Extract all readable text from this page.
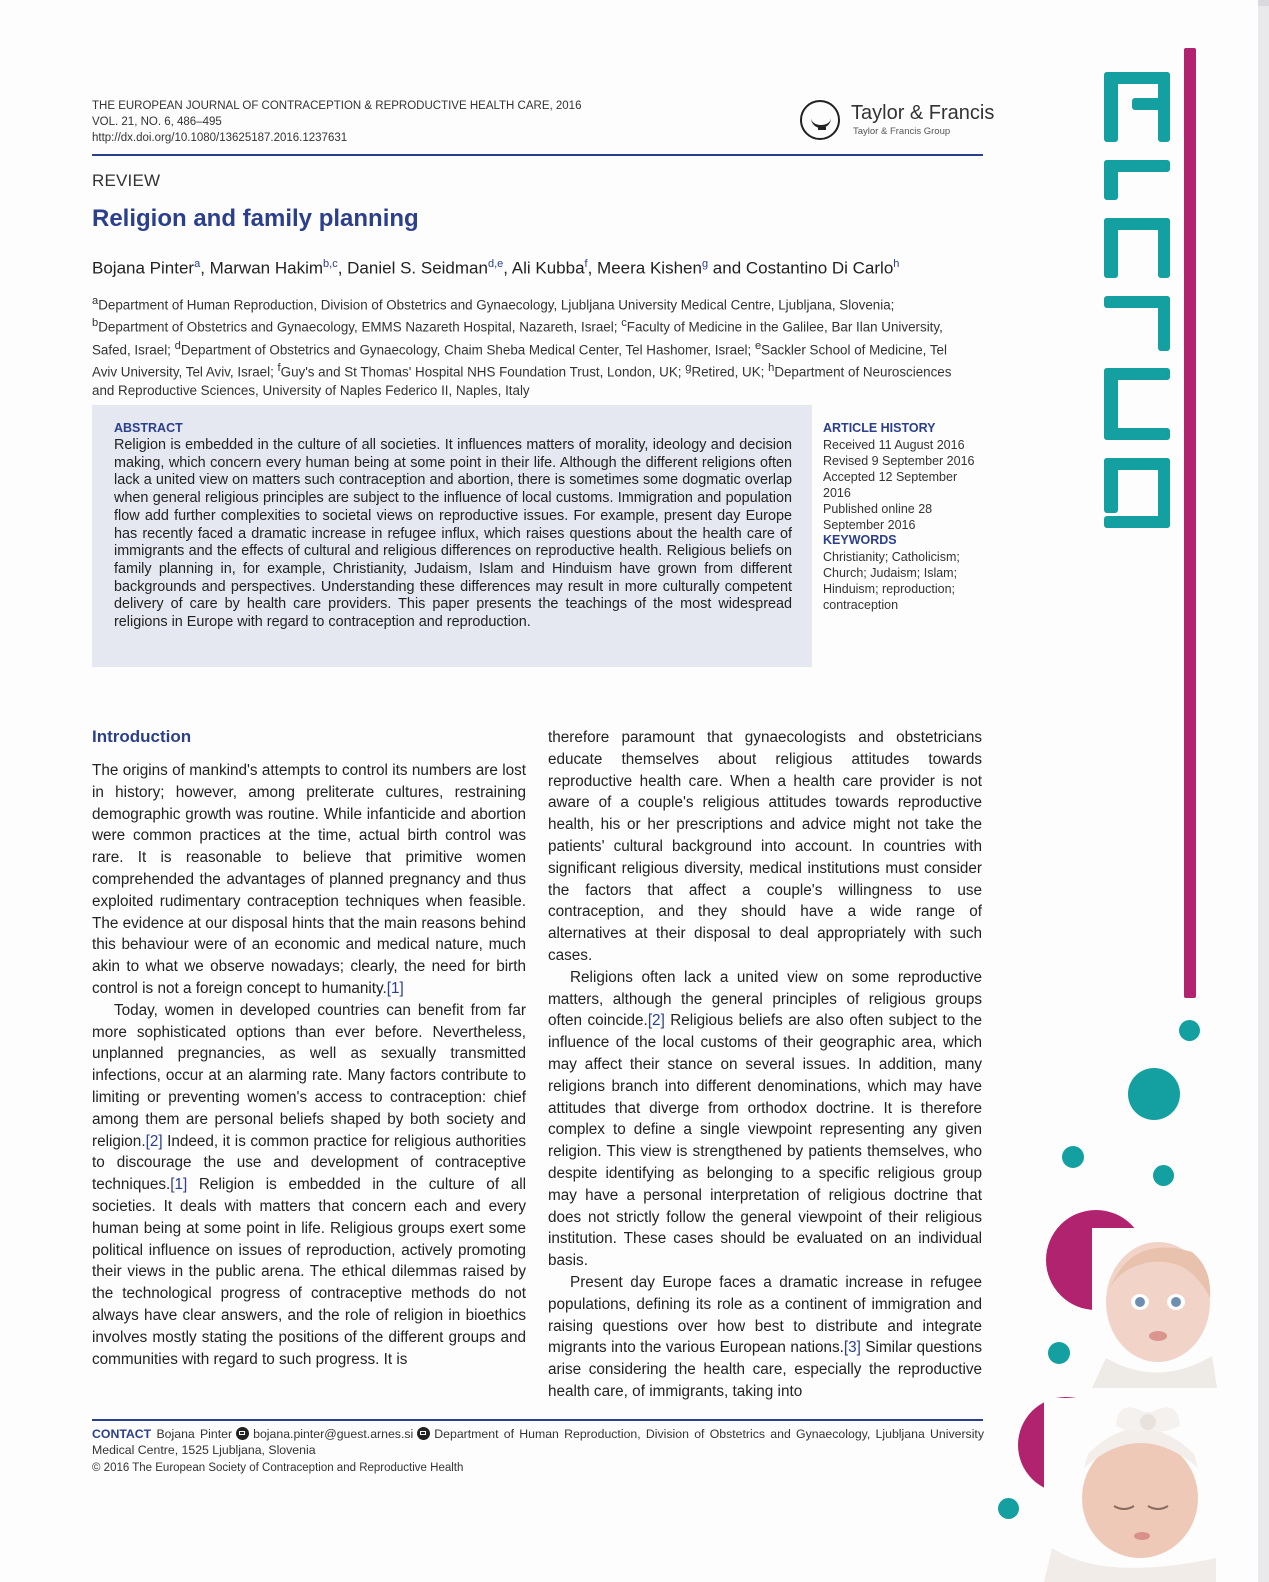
THE EUROPEAN JOURNAL OF CONTRACEPTION & REPRODUCTIVE HEALTH CARE, 2016
VOL. 21, NO. 6, 486–495
http://dx.doi.org/10.1080/13625187.2016.1237631
Taylor & Francis
Taylor & Francis Group
REVIEW
Religion and family planning
Bojana Pinter$^a$, Marwan Hakim$^{b,c}$, Daniel S. Seidman$^{d,e}$, Ali Kubba$^f$, Meera Kishen$^g$ and Costantino Di Carlo$^h$
$^a$Department of Human Reproduction, Division of Obstetrics and Gynaecology, Ljubljana University Medical Centre, Ljubljana, Slovenia; $^b$Department of Obstetrics and Gynaecology, EMMS Nazareth Hospital, Nazareth, Israel; $^c$Faculty of Medicine in the Galilee, Bar Ilan University, Safed, Israel; $^d$Department of Obstetrics and Gynaecology, Chaim Sheba Medical Center, Tel Hashomer, Israel; $^e$Sackler School of Medicine, Tel Aviv University, Tel Aviv, Israel; $^f$Guy's and St Thomas' Hospital NHS Foundation Trust, London, UK; $^g$Retired, UK; $^h$Department of Neurosciences and Reproductive Sciences, University of Naples Federico II, Naples, Italy
ABSTRACT
Religion is embedded in the culture of all societies. It influences matters of morality, ideology and decision making, which concern every human being at some point in their life. Although the different religions often lack a united view on matters such contraception and abortion, there is sometimes some dogmatic overlap when general religious principles are subject to the influence of local customs. Immigration and population flow add further complexities to societal views on reproductive issues. For example, present day Europe has recently faced a dramatic increase in refugee influx, which raises questions about the health care of immigrants and the effects of cultural and religious differences on reproductive health. Religious beliefs on family planning in, for example, Christianity, Judaism, Islam and Hinduism have grown from different backgrounds and perspectives. Understanding these differences may result in more culturally competent delivery of care by health care providers. This paper presents the teachings of the most widespread religions in Europe with regard to contraception and reproduction.
ARTICLE HISTORY
Received 11 August 2016
Revised 9 September 2016
Accepted 12 September 2016
Published online 28 September 2016
KEYWORDS
Christianity; Catholicism; Church; Judaism; Islam; Hinduism; reproduction; contraception
Introduction

The origins of mankind's attempts to control its numbers are lost in history; however, among preliterate cultures, restraining demographic growth was routine. While infanticide and abortion were common practices at the time, actual birth control was rare. It is reasonable to believe that primitive women comprehended the advantages of planned pregnancy and thus exploited rudimentary contraception techniques when feasible. The evidence at our disposal hints that the main reasons behind this behaviour were of an economic and medical nature, much akin to what we observe nowadays; clearly, the need for birth control is not a foreign concept to humanity.[1]

Today, women in developed countries can benefit from far more sophisticated options than ever before. Nevertheless, unplanned pregnancies, as well as sexually transmitted infections, occur at an alarming rate. Many factors contribute to limiting or preventing women's access to contraception: chief among them are personal beliefs shaped by both society and religion.[2] Indeed, it is common practice for religious authorities to discourage the use and development of contraceptive techniques.[1] Religion is embedded in the culture of all societies. It deals with matters that concern each and every human being at some point in life. Religious groups exert some political influence on issues of reproduction, actively promoting their views in the public arena. The ethical dilemmas raised by the technological progress of contraceptive methods do not always have clear answers, and the role of religion in bioethics involves mostly stating the positions of the different groups and communities with regard to such progress. It is

therefore paramount that gynaecologists and obstetricians educate themselves about religious attitudes towards reproductive health care. When a health care provider is not aware of a couple's religious attitudes towards reproductive health, his or her prescriptions and advice might not take the patients' cultural background into account. In countries with significant religious diversity, medical institutions must consider the factors that affect a couple's willingness to use contraception, and they should have a wide range of alternatives at their disposal to deal appropriately with such cases.

Religions often lack a united view on some reproductive matters, although the general principles of religious groups often coincide.[2] Religious beliefs are also often subject to the influence of the local customs of their geographic area, which may affect their stance on several issues. In addition, many religions branch into different denominations, which may have attitudes that diverge from orthodox doctrine. It is therefore complex to define a single viewpoint representing any given religion. This view is strengthened by patients themselves, who despite identifying as belonging to a specific religious group may have a personal interpretation of religious doctrine that does not strictly follow the general viewpoint of their religious institution. These cases should be evaluated on an individual basis.

Present day Europe faces a dramatic increase in refugee populations, defining its role as a continent of immigration and raising questions over how best to distribute and integrate migrants into the various European nations.[3] Similar questions arise considering the health care, especially the reproductive health care, of immigrants, taking into

CONTACT Bojana Pinter bojana.pinter@guest.arnes.si Department of Human Reproduction, Division of Obstetrics and Gynaecology, Ljubljana University Medical Centre, 1525 Ljubljana, Slovenia
© 2016 The European Society of Contraception and Reproductive Health
